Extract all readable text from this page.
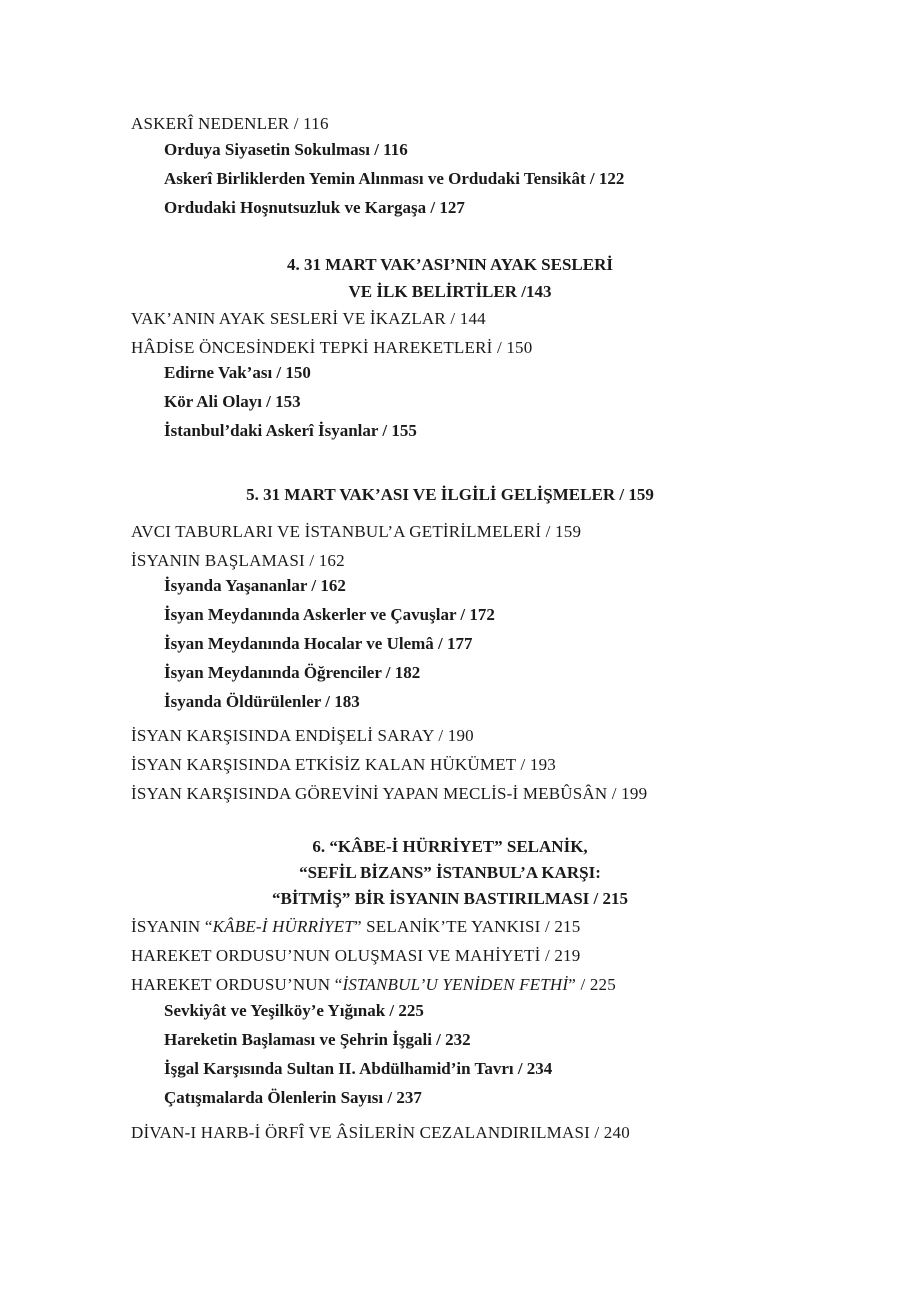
ASKERÎ NEDENLER / 116
Orduya Siyasetin Sokulması / 116
Askerî Birliklerden Yemin Alınması ve Ordudaki Tensikât / 122
Ordudaki Hoşnutsuzluk ve Kargaşa / 127
4. 31 MART VAK’ASI’NIN AYAK SESLERİ
VE İLK BELİRTİLER /143
VAK’ANIN AYAK SESLERİ VE İKAZLAR / 144
HÂDİSE ÖNCESİNDEKİ TEPKİ HAREKETLERİ / 150
Edirne Vak’ası / 150
Kör Ali Olayı / 153
İstanbul’daki Askerî İsyanlar / 155
5. 31 MART VAK’ASI VE İLGİLİ GELİŞMELER / 159
AVCI TABURLARI VE İSTANBUL’A GETİRİLMELERİ / 159
İSYANIN BAŞLAMASI / 162
İsyanda Yaşananlar / 162
İsyan Meydanında Askerler ve Çavuşlar / 172
İsyan Meydanında Hocalar ve Ulemâ / 177
İsyan Meydanında Öğrenciler / 182
İsyanda Öldürülenler / 183
İSYAN KARŞISINDA ENDİŞELİ SARAY / 190
İSYAN KARŞISINDA ETKİSİZ KALAN HÜKÜMET / 193
İSYAN KARŞISINDA GÖREVİNİ YAPAN MECLİS-İ MEBÛSÂN / 199
6. “KÂBE-İ HÜRRİYET” SELANİK,
“SEFİL BİZANS” İSTANBUL’A KARŞI:
“BİTMİŞ” BİR İSYANIN BASTIRILMASI / 215
İSYANIN “KÂBE-İ HÜRRİYET” SELANİK’TE YANKISI / 215
HAREKET ORDUSU’NUN OLUŞMASI VE MAHİYETİ / 219
HAREKET ORDUSU’NUN “İSTANBUL’U YENİDEN FETHİ” / 225
Sevkiyât ve Yeşilköy’e Yığınak / 225
Hareketin Başlaması ve Şehrin İşgali / 232
İşgal Karşısında Sultan II. Abdülhamid’in Tavrı / 234
Çatışmalarda Ölenlerin Sayısı / 237
DİVAN-I HARB-İ ÖRFÎ VE ÂSİLERİN CEZALANDIRILMASI / 240
